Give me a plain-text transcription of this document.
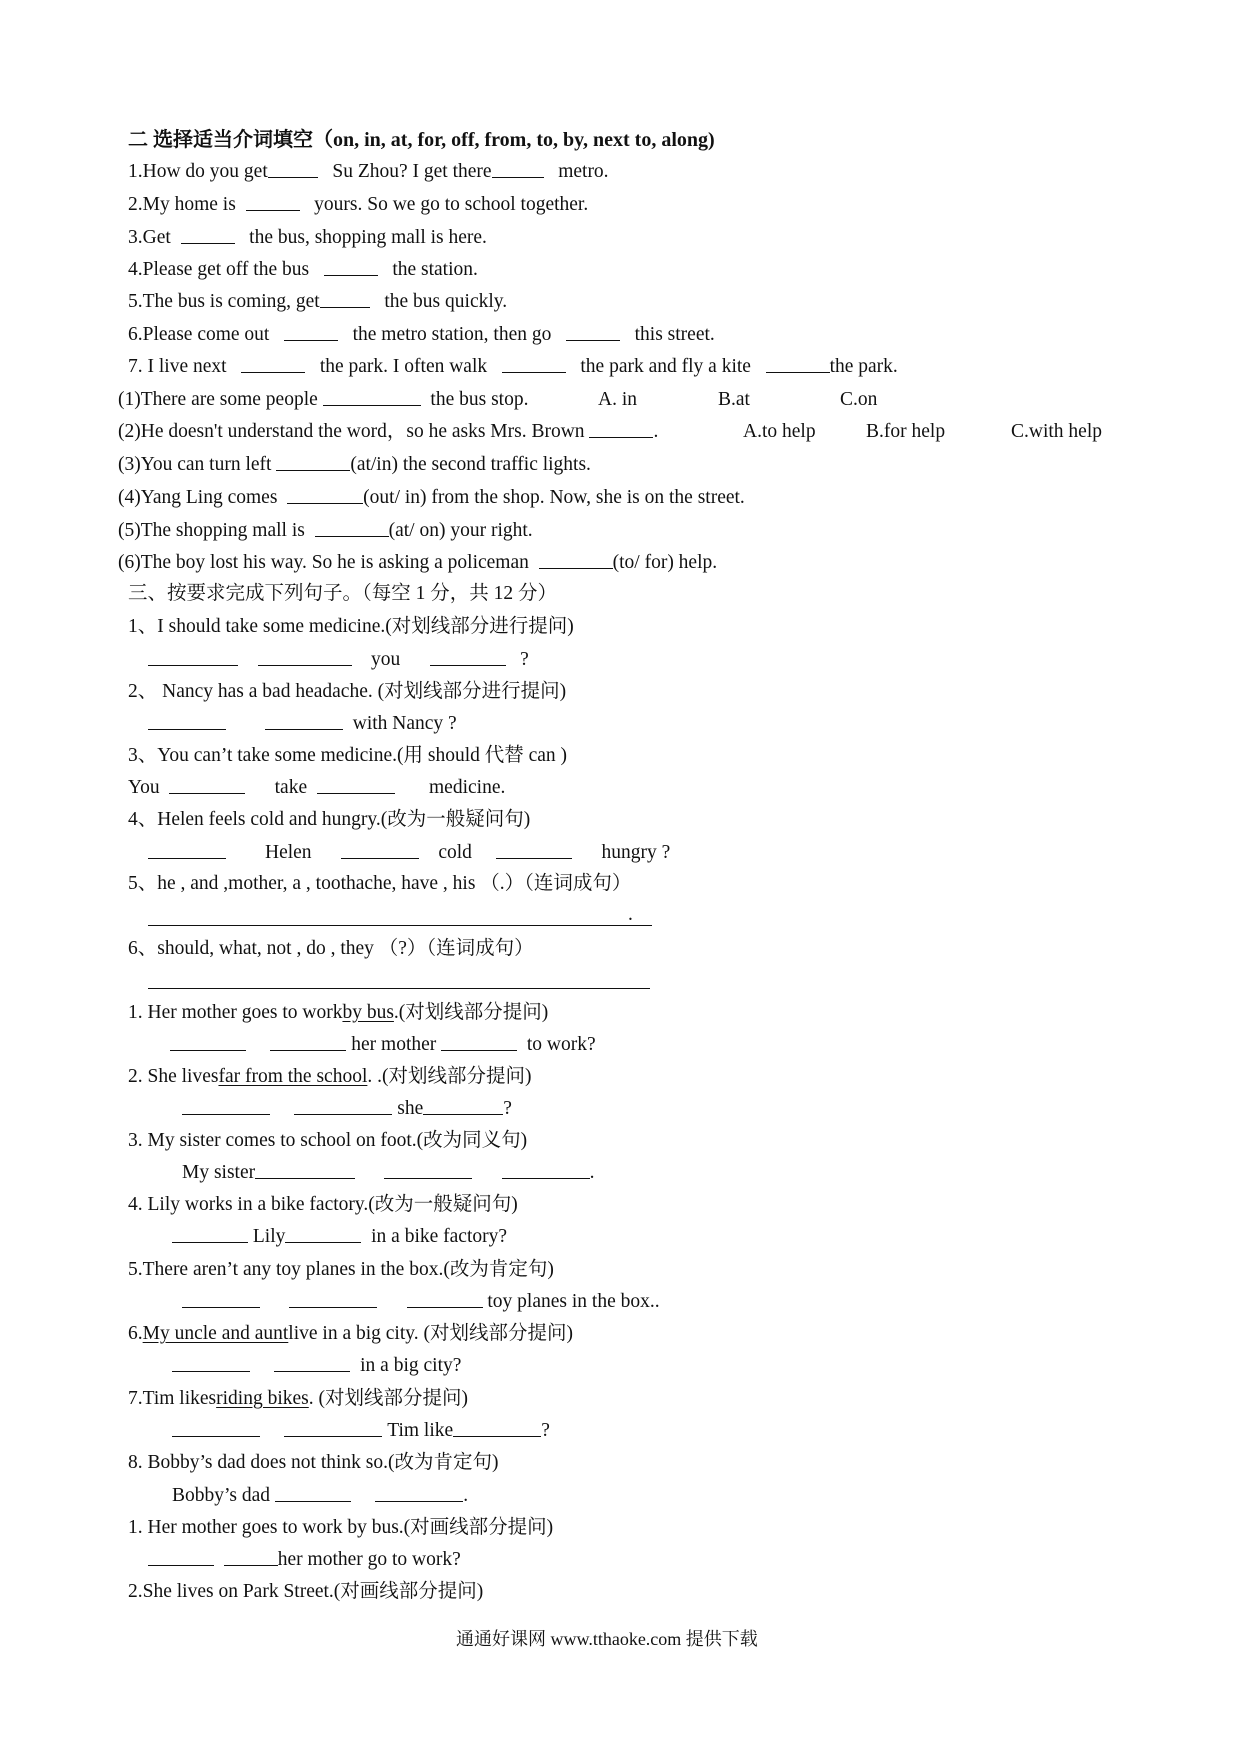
二 选择适当介词填空（on, in, at, for, off, from, to, by, next to, along)
1.How do you get	Su Zhou? I get there	metro.
2.My home is	yours. So we go to school together.
3.Get	the bus, shopping mall is here.
4.Please get off the bus	the station.
5.The bus is coming, get	the bus quickly.
6.Please come out	the metro station, then go	this street.
7. I live next	the park. I often walk	the park and fly a kite	the park.
(1)There are some people	the bus stop.	A. in	B.at	C.on
(2)He doesn't understand the word，so he asks Mrs. Brown	.	A.to help	B.for help	C.with help
(3)You can turn left	(at/in) the second traffic lights.
(4)Yang Ling comes	(out/ in) from the shop. Now, she is on the street.
(5)The shopping mall is	(at/ on) your right.
(6)The boy lost his way. So he is asking a policeman	(to/ for) help.
三、按要求完成下列句子。（每空 1 分，共 12 分）
1、I should take some medicine.(对划线部分进行提问)
you	?
2、 Nancy has a bad headache. (对划线部分进行提问)
with Nancy ?
3、You can’t take some medicine.(用 should 代替 can )
You	take	medicine.
4、Helen feels cold and hungry.(改为一般疑问句)
Helen	cold	hungry ?
5、he , and ,mother, a , toothache, have , his （.）（连词成句）
.
6、should, what, not , do , they （?）（连词成句）
1. Her mother goes to workby bus.(对划线部分提问)
her mother	to work?
2. She livesfar from the school. .(对划线部分提问)
she	?
3. My sister comes to school on foot.(改为同义句)
My sister	.
4. Lily works in a bike factory.(改为一般疑问句)
Lily	in a bike factory?
5.There aren’t any toy planes in the box.(改为肯定句)
toy planes in the box..
6.My uncle and auntlive in a big city. (对划线部分提问)
in a big city?
7.Tim likesriding bikes. (对划线部分提问)
Tim like	?
8. Bobby’s dad does not think so.(改为肯定句)
Bobby’s dad	.
1. Her mother goes to work by bus.(对画线部分提问)
her mother go to work?
2.She lives on Park Street.(对画线部分提问)
通通好课网 www.tthaoke.com 提供下载
